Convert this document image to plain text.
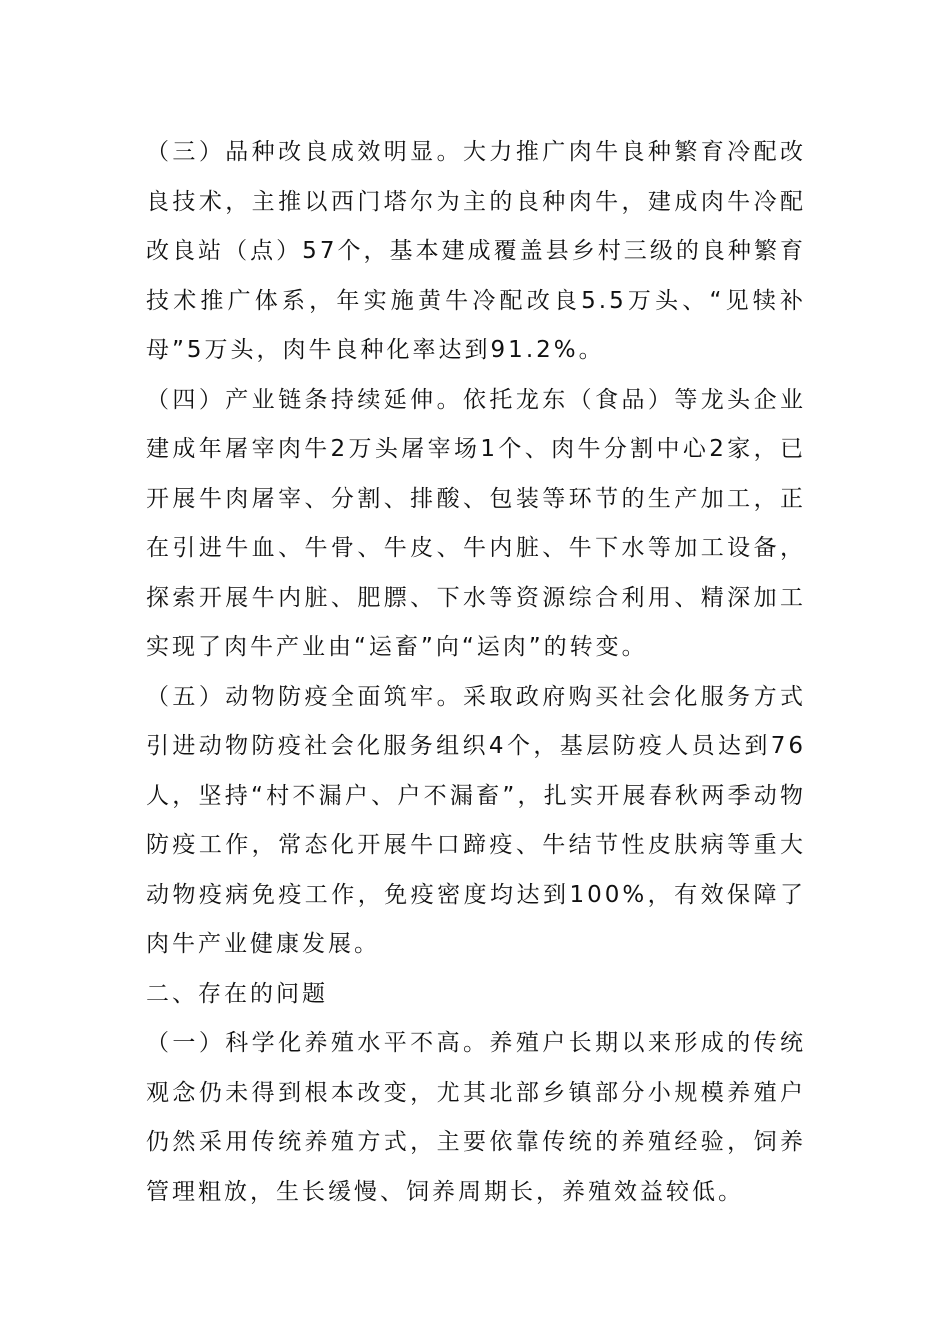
（三）品种改良成效明显。大力推广肉牛良种繁育冷配改良技术，主推以西门塔尔为主的良种肉牛，建成肉牛冷配改良站（点）57个，基本建成覆盖县乡村三级的良种繁育技术推广体系，年实施黄牛冷配改良5.5万头、“见犊补母”5万头，肉牛良种化率达到91.2%。

（四）产业链条持续延伸。依托龙东（食品）等龙头企业建成年屠宰肉牛2万头屠宰场1个、肉牛分割中心2家，已开展牛肉屠宰、分割、排酸、包装等环节的生产加工，正在引进牛血、牛骨、牛皮、牛内脏、牛下水等加工设备，探索开展牛内脏、肥膘、下水等资源综合利用、精深加工实现了肉牛产业由“运畜”向“运肉”的转变。

（五）动物防疫全面筑牢。采取政府购买社会化服务方式引进动物防疫社会化服务组织4个，基层防疫人员达到76人，坚持“村不漏户、户不漏畜”，扎实开展春秋两季动物防疫工作，常态化开展牛口蹄疫、牛结节性皮肤病等重大动物疫病免疫工作，免疫密度均达到100%，有效保障了肉牛产业健康发展。

二、存在的问题

（一）科学化养殖水平不高。养殖户长期以来形成的传统观念仍未得到根本改变，尤其北部乡镇部分小规模养殖户仍然采用传统养殖方式，主要依靠传统的养殖经验，饲养管理粗放，生长缓慢、饲养周期长，养殖效益较低。
